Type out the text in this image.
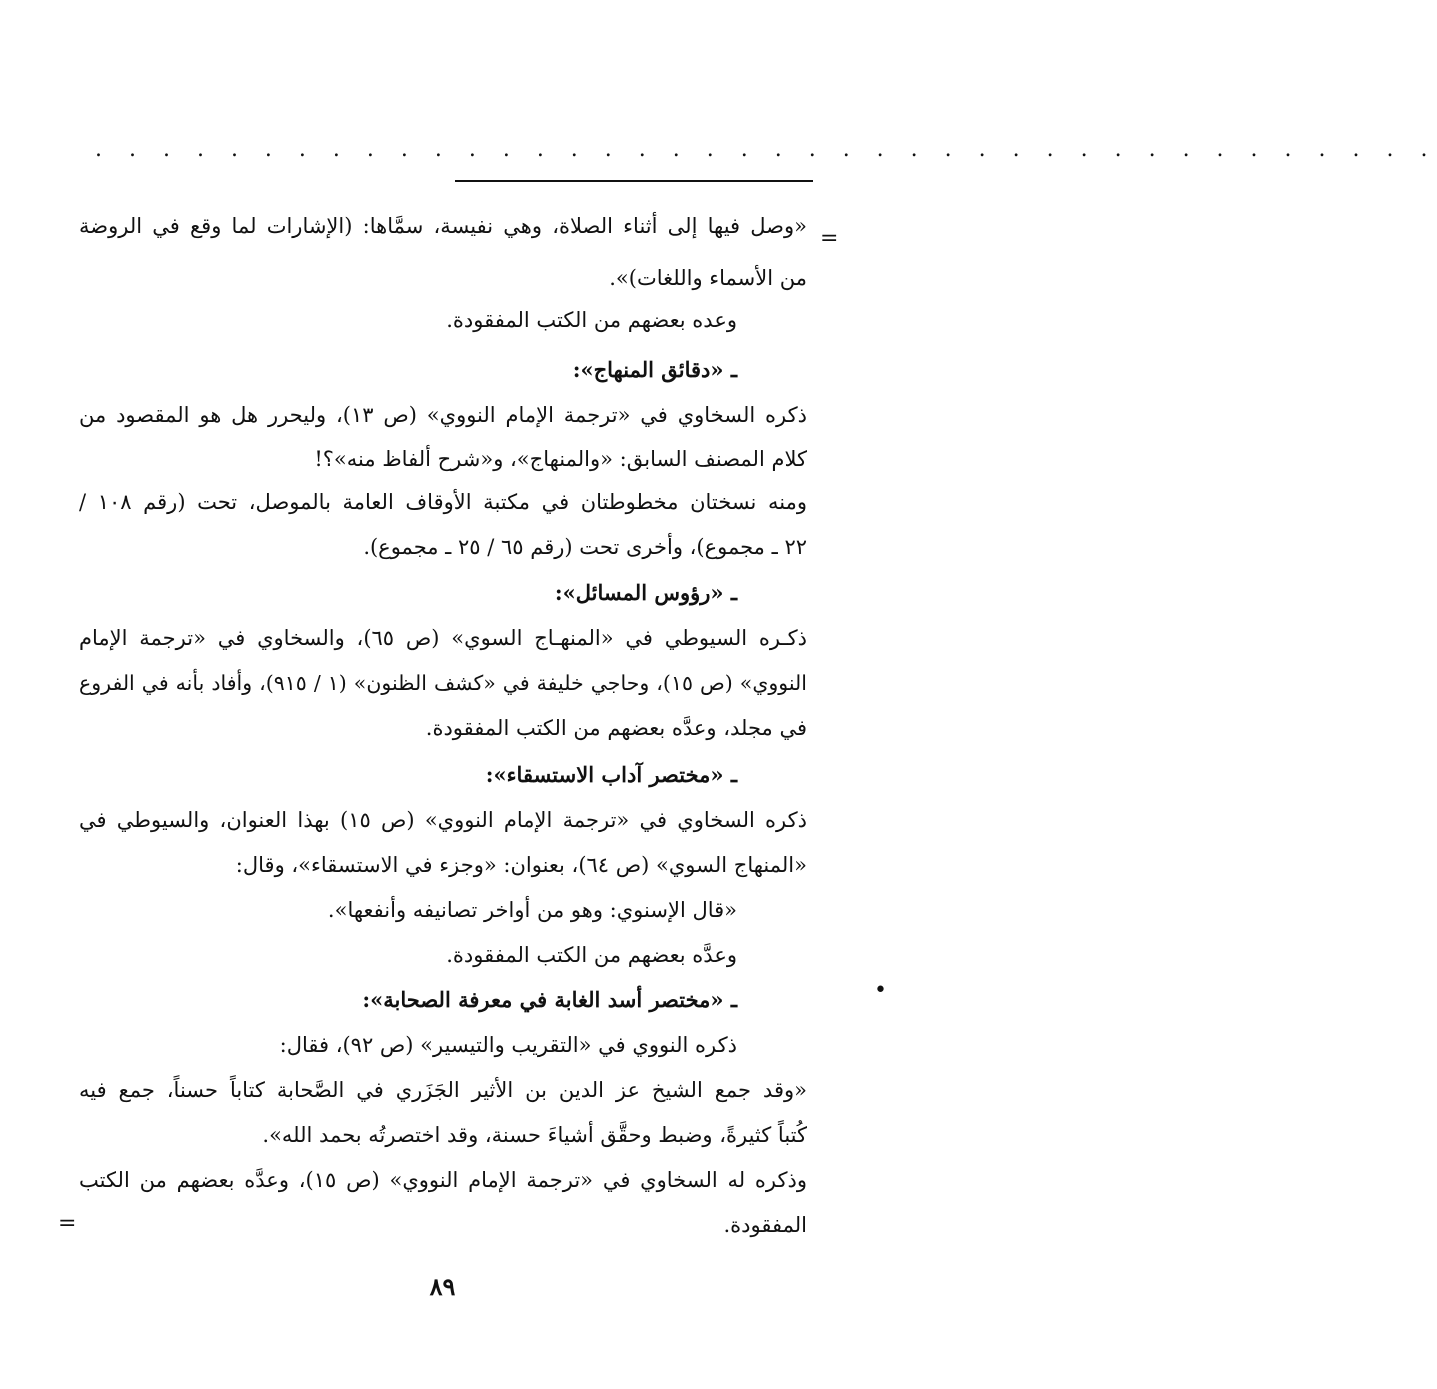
. . . . . . . . . . . . . . . . . . . . . . . . . . . . . . . . . . . . . . . .
=
=
•
«وصل فيها إلى أثناء الصلاة، وهي نفيسة، سمَّاها: (الإشارات لما وقع في الروضة
من الأسماء واللغات)».
وعده بعضهم من الكتب المفقودة.
ـ «دقائق المنهاج»:
ذكره السخاوي في «ترجمة الإمام النووي» (ص ١٣)، وليحرر هل هو المقصود من
كلام المصنف السابق: «والمنهاج»، و«شرح ألفاظ منه»؟!
ومنه نسختان مخطوطتان في مكتبة الأوقاف العامة بالموصل، تحت (رقم ١٠٨ /
٢٢ ـ مجموع)، وأخرى تحت (رقم ٦٥ / ٢٥ ـ مجموع).
ـ «رؤوس المسائل»:
ذكـره السيوطي في «المنهـاج السوي» (ص ٦٥)، والسخاوي في «ترجمة الإمام
النووي» (ص ١٥)، وحاجي خليفة في «كشف الظنون» (١ / ٩١٥)، وأفاد بأنه في الفروع
في مجلد، وعدَّه بعضهم من الكتب المفقودة.
ـ «مختصر آداب الاستسقاء»:
ذكره السخاوي في «ترجمة الإمام النووي» (ص ١٥) بهذا العنوان، والسيوطي في
«المنهاج السوي» (ص ٦٤)، بعنوان: «وجزء في الاستسقاء»، وقال:
«قال الإسنوي: وهو من أواخر تصانيفه وأنفعها».
وعدَّه بعضهم من الكتب المفقودة.
ـ «مختصر أسد الغابة في معرفة الصحابة»:
ذكره النووي في «التقريب والتيسير» (ص ٩٢)، فقال:
«وقد جمع الشيخ عز الدين بن الأثير الجَزَري في الصَّحابة كتاباً حسناً، جمع فيه
كُتباً كثيرةً، وضبط وحقَّق أشياءَ حسنة، وقد اختصرتُه بحمد الله».
وذكره له السخاوي في «ترجمة الإمام النووي» (ص ١٥)، وعدَّه بعضهم من الكتب
المفقودة.
٨٩
